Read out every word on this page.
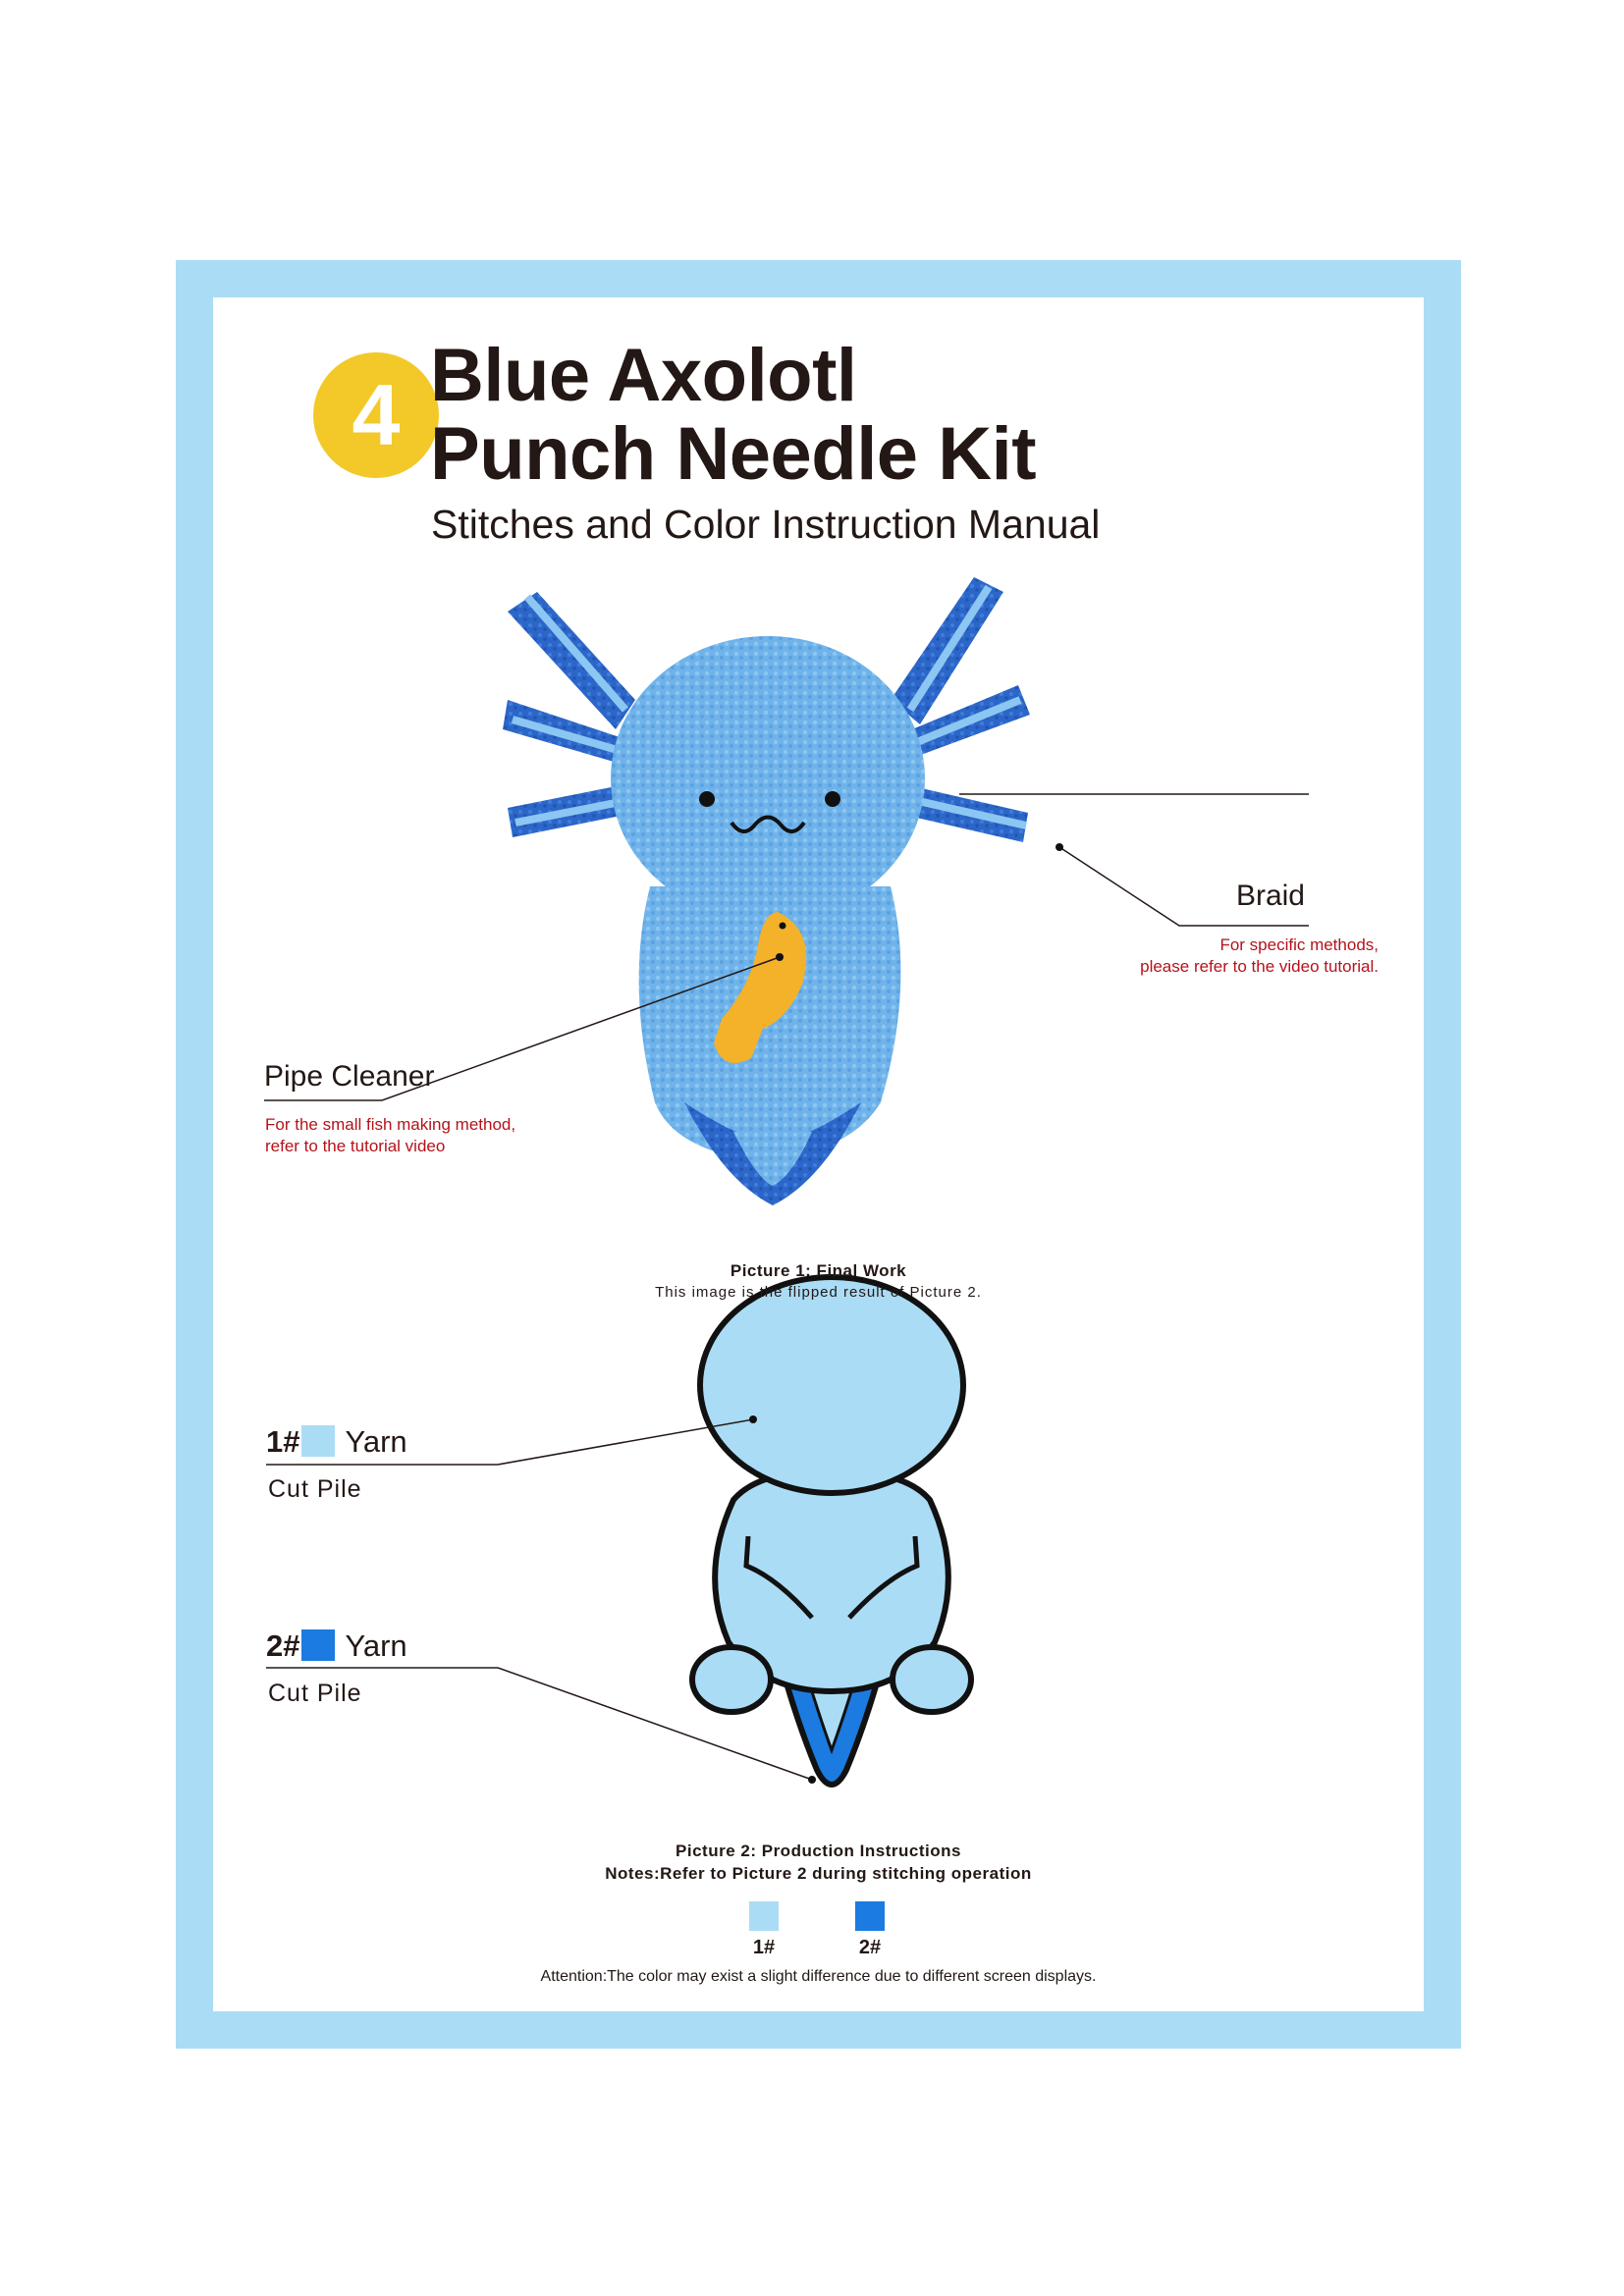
4 Blue Axolotl
Punch Needle Kit
Stitches and Color Instruction Manual
Braid
For specific methods,
please refer to the video tutorial.
Pipe Cleaner
For the small fish making method,
refer to the tutorial video
Picture 1: Final Work
This image is the flipped result of Picture 2.
1# Yarn
Cut Pile
2# Yarn
Cut Pile
Picture 2: Production Instructions
Notes:Refer to Picture 2 during stitching operation
1#	2#
Attention:The color may exist a slight difference due to different screen displays.
